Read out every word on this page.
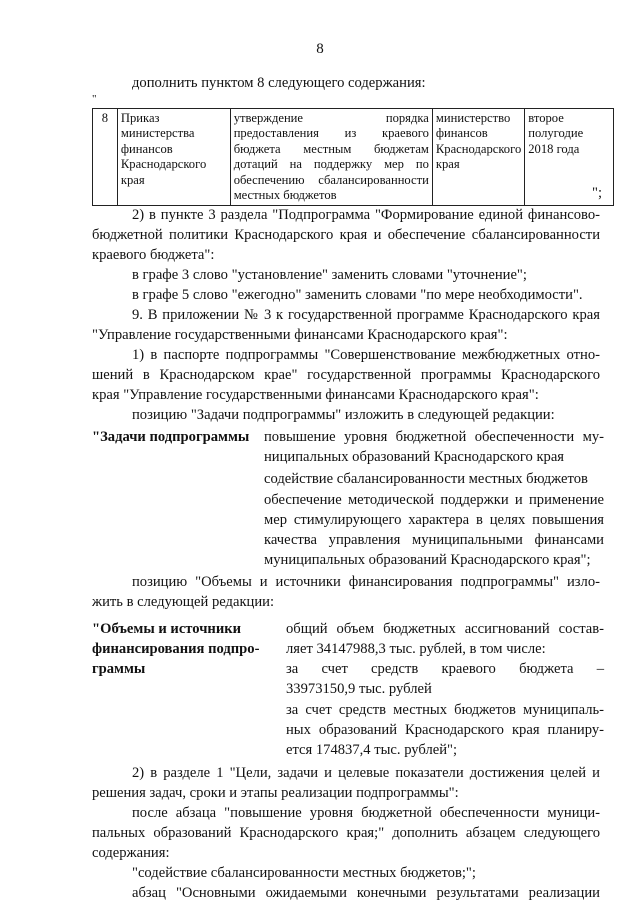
8
дополнить пунктом 8 следующего содержания:
"
8	Приказ министерства финансов Краснодарского края	утверждение порядка предоставления из краевого бюджета местным бюджетам дотаций на поддержку мер по обеспечению сбалансированности местных бюджетов	министерство финансов Краснодарского края	второе полугодие 2018 года
";
2) в пункте 3 раздела "Подпрограмма "Формирование единой финансово-
бюджетной политики Краснодарского края и обеспечение сбалансированности
краевого бюджета":
в графе 3 слово "установление" заменить словами "уточнение";
в графе 5 слово "ежегодно" заменить словами "по мере необходимости".
9. В приложении № 3 к государственной программе Краснодарского края
"Управление государственными финансами Краснодарского края":
1) в паспорте подпрограммы "Совершенствование межбюджетных отно-
шений в Краснодарском крае" государственной программы Краснодарского
края "Управление государственными финансами Краснодарского края":
позицию "Задачи подпрограммы" изложить в следующей редакции:
"Задачи подпрограммы повышение уровня бюджетной обеспеченности му-
ниципальных образований Краснодарского края
содействие сбалансированности местных бюджетов
обеспечение методической поддержки и применение
мер стимулирующего характера в целях повышения
качества управления муниципальными финансами
муниципальных образований Краснодарского края";
позицию "Объемы и источники финансирования подпрограммы" изло-
жить в следующей редакции:
"Объемы и источники
финансирования подпро-
граммы
общий объем бюджетных ассигнований состав-
ляет 34147988,3 тыс. рублей, в том числе:
за счет средств краевого бюджета –
33973150,9 тыс. рублей
за счет средств местных бюджетов муниципаль-
ных образований Краснодарского края планиру-
ется 174837,4 тыс. рублей";
2) в разделе 1 "Цели, задачи и целевые показатели достижения целей и
решения задач, сроки и этапы реализации подпрограммы":
после абзаца "повышение уровня бюджетной обеспеченности муници-
пальных образований Краснодарского края;" дополнить абзацем следующего
содержания:
"содействие сбалансированности местных бюджетов;";
абзац "Основными ожидаемыми конечными результатами реализации
